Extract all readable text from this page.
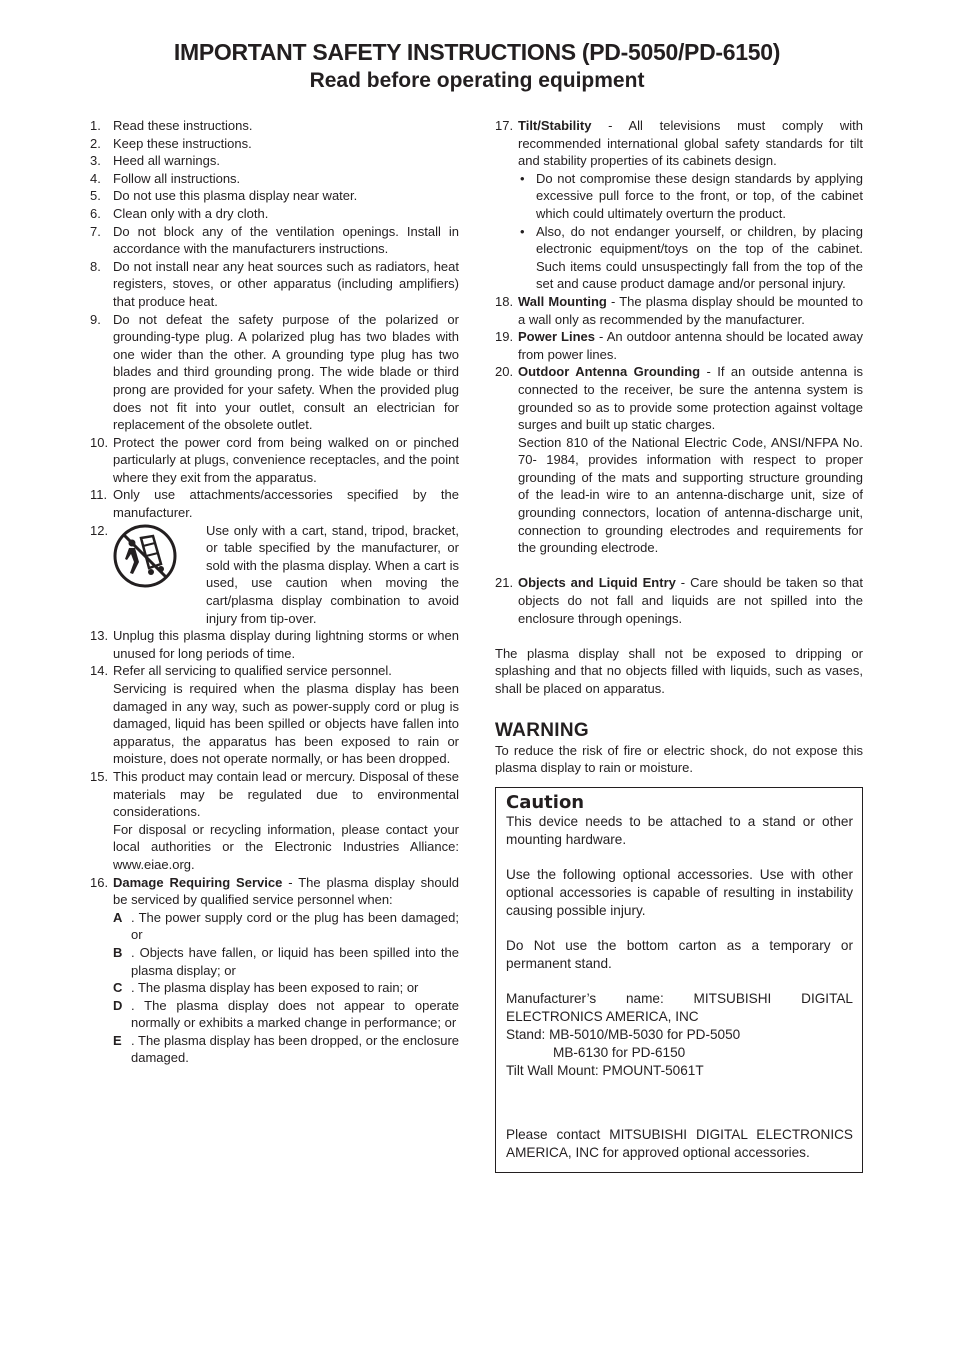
IMPORTANT SAFETY INSTRUCTIONS (PD-5050/PD-6150)
Read before operating equipment
1. Read these instructions.

2. Keep these instructions.

3. Heed all warnings.

4. Follow all instructions.

5. Do not use this plasma display near water.

6. Clean only with a dry cloth.

7. Do not block any of the ventilation openings. Install in accordance with the manufacturers instructions.

8. Do not install near any heat sources such as radiators, heat registers, stoves, or other apparatus (including amplifiers) that produce heat.

9. Do not defeat the safety purpose of the polarized or grounding-type plug. A polarized plug has two blades with one wider than the other. A grounding type plug has two blades and third grounding prong. The wide blade or third prong are provided for your safety. When the provided plug does not fit into your outlet, consult an electrician for replacement of the obsolete outlet.

10. Protect the power cord from being walked on or pinched particularly at plugs, convenience receptacles, and the point where they exit from the apparatus.

11. Only use attachments/accessories specified by the manufacturer.

12.	Use only with a cart, stand, tripod, bracket, or table specified by the manufacturer, or sold with the plasma display. When a cart is used, use caution when moving the cart/plasma display combination to avoid injury from tip-over.
13. Unplug this plasma display during lightning storms or when unused for long periods of time.

14. Refer all servicing to qualified service personnel.

Servicing is required when the plasma display has been damaged in any way, such as power-supply cord or plug is damaged, liquid has been spilled or objects have fallen into apparatus, the apparatus has been exposed to rain or moisture, does not operate normally, or has been dropped.

15. This product may contain lead or mercury. Disposal of these materials may be regulated due to environmental considerations.

For disposal or recycling information, please contact your local authorities or the Electronic Industries Alliance: www.eiae.org.

16. Damage Requiring Service - The plasma display should be serviced by qualified service personnel when:

A . The power supply cord or the plug has been damaged; or
B . Objects have fallen, or liquid has been spilled into the plasma display; or
C . The plasma display has been exposed to rain; or
D . The plasma display does not appear to operate normally or exhibits a marked change in performance; or
E . The plasma display has been dropped, or the enclosure damaged.
17. Tilt/Stability - All televisions must comply with recommended international global safety standards for tilt and stability properties of its cabinets design.

• Do not compromise these design standards by applying excessive pull force to the front, or top, of the cabinet which could ultimately overturn the product.
• Also, do not endanger yourself, or children, by placing electronic equipment/toys on the top of the cabinet. Such items could unsuspectingly fall from the top of the set and cause product damage and/or personal injury.
18. Wall Mounting - The plasma display should be mounted to a wall only as recommended by the manufacturer.

19. Power Lines - An outdoor antenna should be located away from power lines.

20. Outdoor Antenna Grounding - If an outside antenna is connected to the receiver, be sure the antenna system is grounded so as to provide some protection against voltage surges and built up static charges.

Section 810 of the National Electric Code, ANSI/NFPA No. 70- 1984, provides information with respect to proper grounding of the mats and supporting structure grounding of the lead-in wire to an antenna-discharge unit, size of grounding connectors, location of antenna-discharge unit, connection to grounding electrodes and requirements for the grounding electrode.

21. Objects and Liquid Entry - Care should be taken so that objects do not fall and liquids are not spilled into the enclosure through openings.

The plasma display shall not be exposed to dripping or splashing and that no objects filled with liquids, such as vases, shall be placed on apparatus.

WARNING

To reduce the risk of fire or electric shock, do not expose this plasma display to rain or moisture.

Caution

This device needs to be attached to a stand or other mounting hardware.

Use the following optional accessories. Use with other optional accessories is capable of resulting in instability causing possible injury.

Do Not use the bottom carton as a temporary or permanent stand.

Manufacturer’s name: MITSUBISHI DIGITAL ELECTRONICS AMERICA, INC
Stand: MB-5010/MB-5030 for PD-5050
MB-6130 for PD-6150
Tilt Wall Mount: PMOUNT-5061T

Please contact MITSUBISHI DIGITAL ELECTRONICS AMERICA, INC for approved optional accessories.
